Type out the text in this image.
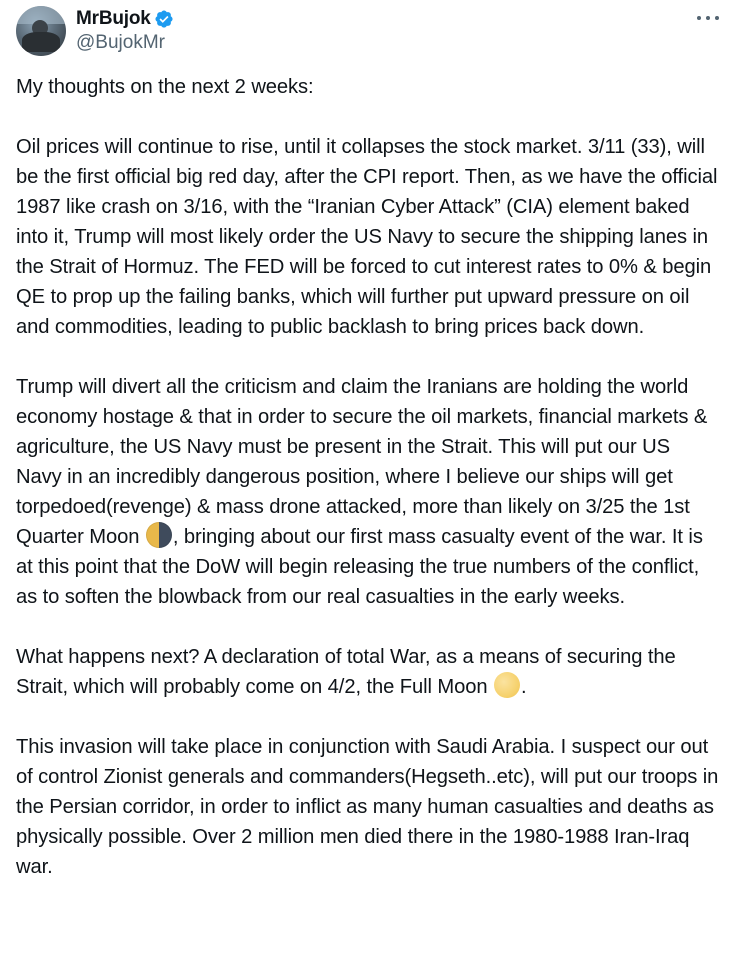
MrBujok
@BujokMr
My thoughts on the next 2 weeks:
Oil prices will continue to rise, until it collapses the stock market. 3/11 (33), will be the first official big red day, after the CPI report. Then, as we have the official 1987 like crash on 3/16, with the “Iranian Cyber Attack” (CIA) element baked into it, Trump will most likely order the US Navy to secure the shipping lanes in the Strait of Hormuz. The FED will be forced to cut interest rates to 0% & begin QE to prop up the failing banks, which will further put upward pressure on oil and commodities, leading to public backlash to bring prices back down.
Trump will divert all the criticism and claim the Iranians are holding the world economy hostage & that in order to secure the oil markets, financial markets & agriculture, the US Navy must be present in the Strait. This will put our US Navy in an incredibly dangerous position, where I believe our ships will get torpedoed(revenge) & mass drone attacked, more than likely on 3/25 the 1st Quarter Moon , bringing about our first mass casualty event of the war. It is at this point that the DoW will begin releasing the true numbers of the conflict, as to soften the blowback from our real casualties in the early weeks.
What happens next? A declaration of total War, as a means of securing the Strait, which will probably come on 4/2, the Full Moon .
This invasion will take place in conjunction with Saudi Arabia. I suspect our out of control Zionist generals and commanders(Hegseth..etc), will put our troops in the Persian corridor, in order to inflict as many human casualties and deaths as physically possible. Over 2 million men died there in the 1980-1988 Iran-Iraq war.
